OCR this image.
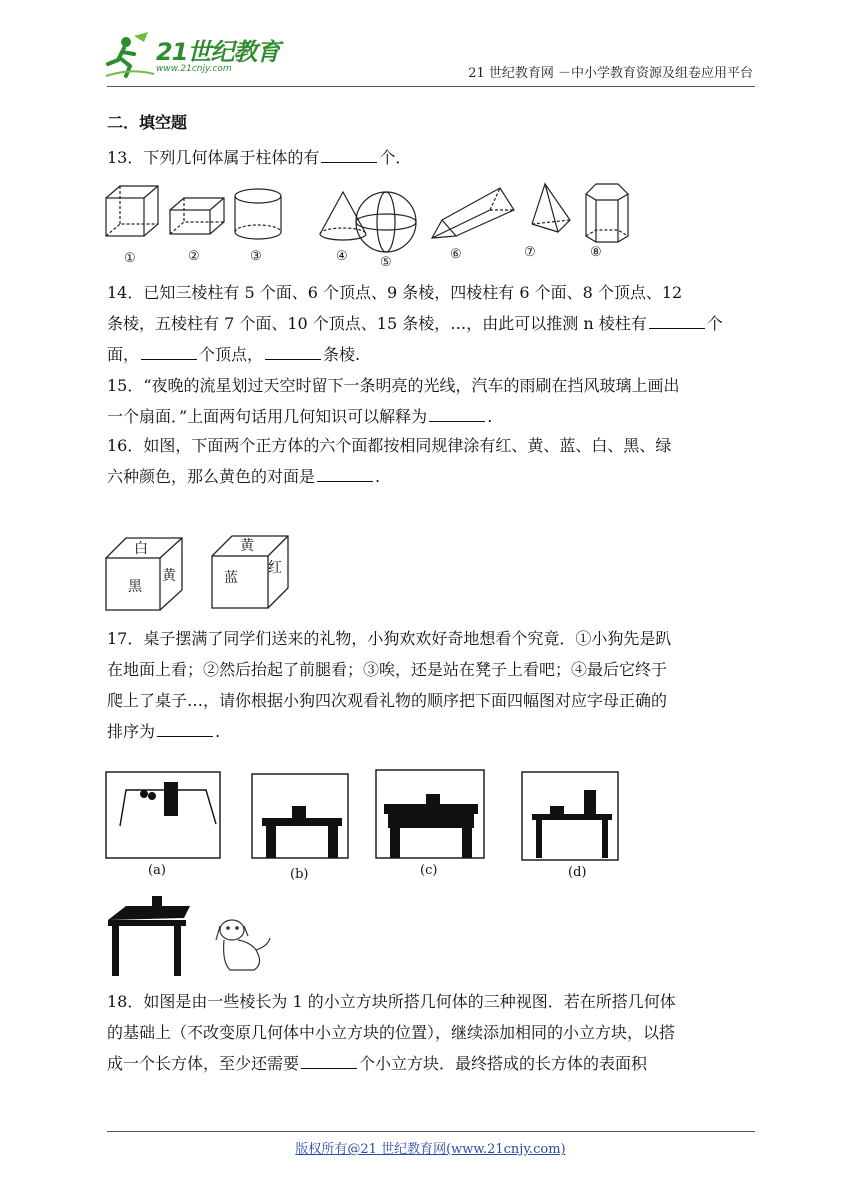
21世纪教育
www.21cnjy.com	21 世纪教育网 －中小学教育资源及组卷应用平台
二．填空题
13．下列几何体属于柱体的有	个．
①	②	③	④ ⑤
⑥	⑦	⑧
14．已知三棱柱有 5 个面、6 个顶点、9 条棱，四棱柱有 6 个面、8 个顶点、12
条棱，五棱柱有 7 个面、10 个顶点、15 条棱，…，由此可以推测 n 棱柱有	个
面，	个顶点，	条棱.
15．“夜晚的流星划过天空时留下一条明亮的光线，汽车的雨刷在挡风玻璃上画出
一个扇面．”上面两句话用几何知识可以解释为	.
16．如图，下面两个正方体的六个面都按相同规律涂有红、黄、蓝、白、黑、绿
六种颜色，那么黄色的对面是	.
白
黑
黄
黄
蓝
红
17．桌子摆满了同学们送来的礼物，小狗欢欢好奇地想看个究竟．①小狗先是趴
在地面上看；②然后抬起了前腿看；③唉，还是站在凳子上看吧；④最后它终于
爬上了桌子…，请你根据小狗四次观看礼物的顺序把下面四幅图对应字母正确的
排序为	.
(a)	(b)	(c)	(d)
18．如图是由一些棱长为 1 的小立方块所搭几何体的三种视图．若在所搭几何体
的基础上（不改变原几何体中小立方块的位置），继续添加相同的小立方块，以搭
成一个长方体，至少还需要	个小立方块．最终搭成的长方体的表面积
版权所有@21 世纪教育网(www.21cnjy.com)
